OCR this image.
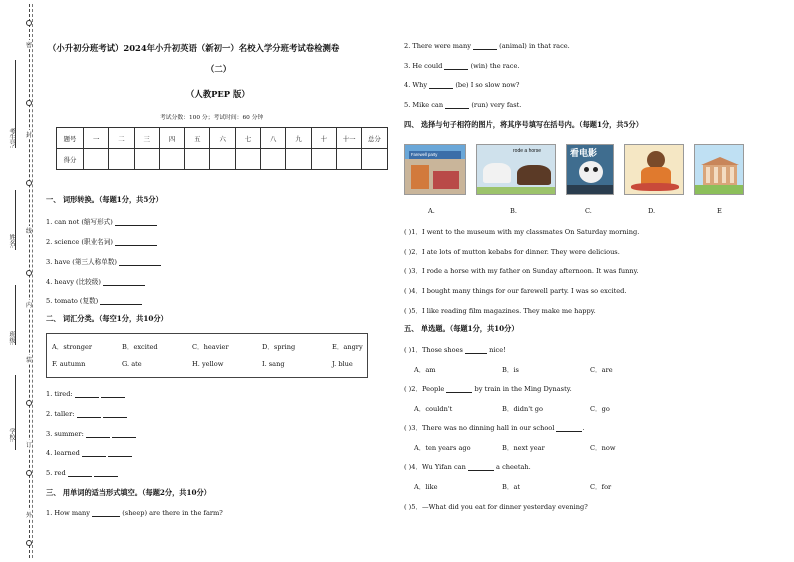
学校:
班级:
姓名:
考生号:
密
封
线
内
装
订
外
（小升初分班考试）2024年小升初英语（新初一）名校入学分班考试卷检测卷
（二）
（人教PEP 版）
考试分数：100 分；考试时间：60 分钟
题号	一	二	三	四	五	六	七	八	九	十	十一	总分
得分												
一、 词形转换。（每题1分，共5分）
1. can not (缩写形式)
2. science (职业名词)
3. have (第三人称单数)
4. heavy (比较级)
5. tomato (复数)
二、 词汇分类。（每空1分，共10分）
A．stronger	B．excited	C．heavier	D．spring	E．angry
F. autumn	G. ate	H. yellow	I. sang	J. blue
1. tired:
2. taller:
3. summer:
4. learned
5. red
三、 用单词的适当形式填空。（每题2分，共10分）
1. How many	(sheep) are there in the farm?
2. There were many	(animal) in that race.
3. He could	(win) the race.
4. Why	(be) I so slow now?
5. Mike can	(run) very fast.
四、 选择与句子相符的图片，将其序号填写在括号内。（每题1分，共5分）
Farewell party
rode a horse	看电影
A.	B.	C.	D.	E
( )1．I went to the museum with my classmates On Saturday morning.
( )2．I ate lots of mutton kebabs for dinner. They were delicious.
( )3．I rode a horse with my father on Sunday afternoon. It was funny.
( )4．I bought many things for our farewell party. I was so excited.
( )5．I like reading film magazines. They make me happy.
五、 单选题。（每题1分，共10分）
( )1．Those shoes	nice!
A．am	B．is	C．are
( )2．People	by train in the Ming Dynasty.
A．couldn't	B．didn't go	C．go
( )3．There was no dinning hall in our school	.
A．ten years ago	B．next year	C．now
( )4．Wu Yifan can	a cheetah.
A．like	B．at	C．for
( )5．—What did you eat for dinner yesterday evening?
